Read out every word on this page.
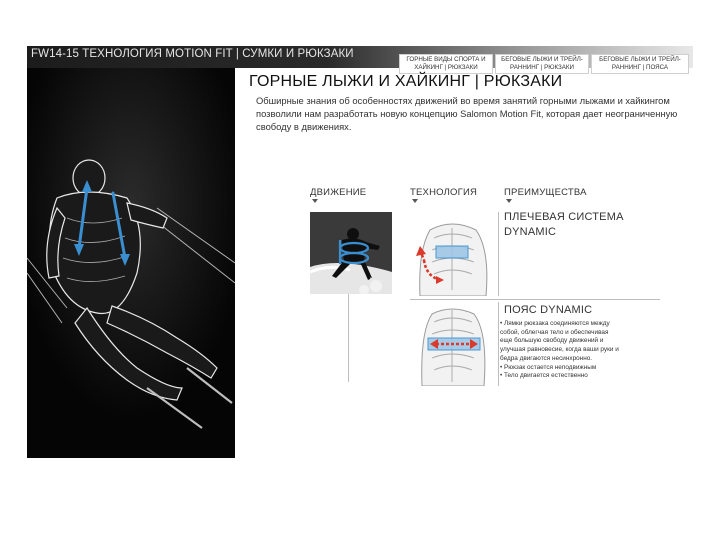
FW14-15 ТЕХНОЛОГИЯ MOTION FIT | СУМКИ И РЮКЗАКИ	ГОРНЫЕ ВИДЫ СПОРТА И
ХАЙКИНГ | РЮКЗАКИ
БЕГОВЫЕ ЛЫЖИ И ТРЕЙЛ-
РАННИНГ | РЮКЗАКИ
БЕГОВЫЕ ЛЫЖИ И ТРЕЙЛ-
РАННИНГ | ПОЯСА
ГОРНЫЕ ЛЫЖИ И ХАЙКИНГ | РЮКЗАКИ
Обширные знания об особенностях движений во время занятий горными лыжами и хайкингом позволили нам разработать новую концепцию Salomon Motion Fit, которая дает неограниченную свободу в движениях.
ДВИЖЕНИЕ	ТЕХНОЛОГИЯ	ПРЕИМУЩЕСТВА
ПЛЕЧЕВАЯ СИСТЕМА
DYNAMIC
ПОЯС DYNAMIC
• Лямки рюкзака соединяются между
собой, облегчая тело и обеспечивая
еще большую свободу движений и
улучшая равновесие, когда ваши руки и
бедра двигаются несинхронно.
• Рюкзак остается неподвижным
• Тело двигается естественно
